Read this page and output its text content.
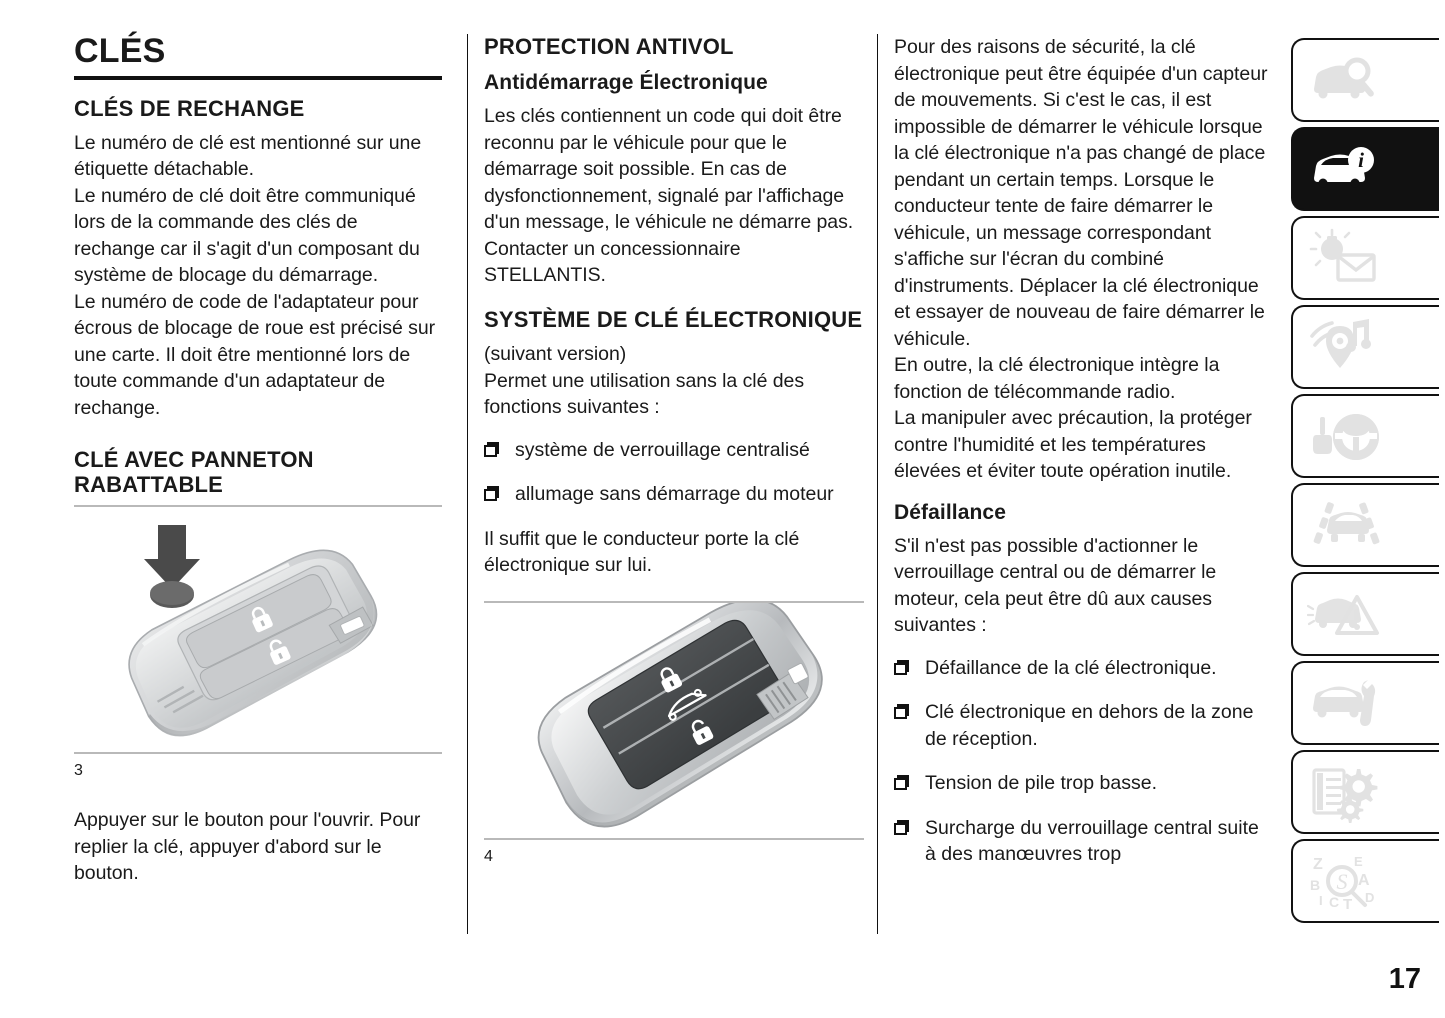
CLÉS
CLÉS DE RECHANGE

Le numéro de clé est mentionné sur une étiquette détachable.

Le numéro de clé doit être communiqué lors de la commande des clés de rechange car il s'agit d'un composant du système de blocage du démarrage.

Le numéro de code de l'adaptateur pour écrous de blocage de roue est précisé sur une carte. Il doit être mentionné lors de toute commande d'un adaptateur de rechange.

CLÉ AVEC PANNETON RABATTABLE
3

Appuyer sur le bouton pour l'ouvrir. Pour replier la clé, appuyer d'abord sur le bouton.

PROTECTION ANTIVOL
Antidémarrage Électronique

Les clés contiennent un code qui doit être reconnu par le véhicule pour que le démarrage soit possible. En cas de dysfonctionnement, signalé par l'affichage d'un message, le véhicule ne démarre pas.

Contacter un concessionnaire STELLANTIS.

SYSTÈME DE CLÉ ÉLECTRONIQUE

(suivant version)

Permet une utilisation sans la clé des fonctions suivantes :

système de verrouillage centralisé
allumage sans démarrage du moteur

Il suffit que le conducteur porte la clé électronique sur lui.

4

Pour des raisons de sécurité, la clé électronique peut être équipée d'un capteur de mouvements. Si c'est le cas, il est impossible de démarrer le véhicule lorsque la clé électronique n'a pas changé de place pendant un certain temps. Lorsque le conducteur tente de faire démarrer le véhicule, un message correspondant s'affiche sur l'écran du combiné d'instruments. Déplacer la clé électronique et essayer de nouveau de faire démarrer le véhicule.

En outre, la clé électronique intègre la fonction de télécommande radio.

La manipuler avec précaution, la protéger contre l'humidité et les températures élevées et éviter toute opération inutile.

Défaillance

S'il n'est pas possible d'actionner le verrouillage central ou de démarrer le moteur, cela peut être dû aux causes suivantes :

Défaillance de la clé électronique.
Clé électronique en dehors de la zone de réception.
Tension de pile trop basse.
Surcharge du verrouillage central suite à des manœuvres trop
i
Z
B
I C T
E
A
D
S
17
